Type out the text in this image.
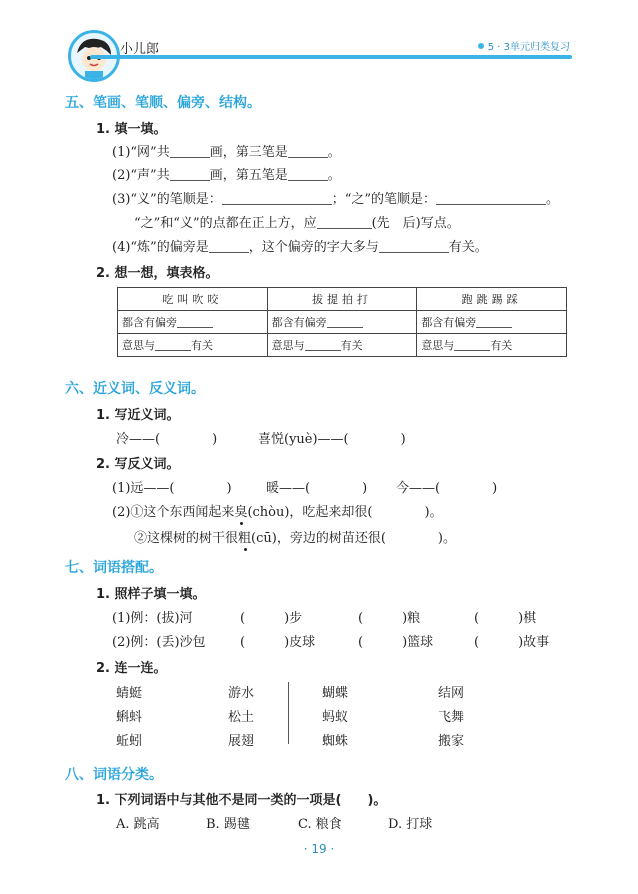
小儿郎	5 · 3单元归类复习
五、笔画、笔顺、偏旁、结构。
1. 填一填。
(1)“网”共	画，第三笔是	。
(2)“声”共	画，第五笔是	。
(3)“义”的笔顺是：	；“之”的笔顺是：	。
“之”和“义”的点都在正上方，应	(先　后)写点。
(4)“炼”的偏旁是	，这个偏旁的字大多与	有关。
2. 想一想，填表格。
吃叫吹咬	拔提拍打	跑跳踢踩
都含有偏旁	都含有偏旁	都含有偏旁
意思与 有关	意思与 有关	意思与 有关
六、近义词、反义词。
1. 写近义词。
冷——(　　　　)	喜悦(yuè)——(　　　　)
2. 写反义词。
(1)远——(　　　　)	暖——(　　　　) 今——(　　　　)
(2)①这个东西闻起来臭(chòu)，吃起来却很(　　　　)。
②这棵树的树干很粗(cū)，旁边的树苗还很(　　　　)。
七、词语搭配。
1. 照样子填一填。
(1)例：(拔)河	(　　　)步	(　　　)粮	(　　　)棋
(2)例：(丢)沙包	(　　　)皮球	(　　　)篮球	(　　　)故事
2. 连一连。
蜻蜓
蝌蚪
蚯蚓
游水
松土
展翅
蝴蝶
蚂蚁
蜘蛛
结网
飞舞
搬家
八、词语分类。
1. 下列词语中与其他不是同一类的一项是(　　)。
A. 跳高	B. 踢毽	C. 粮食	D. 打球
· 19 ·
